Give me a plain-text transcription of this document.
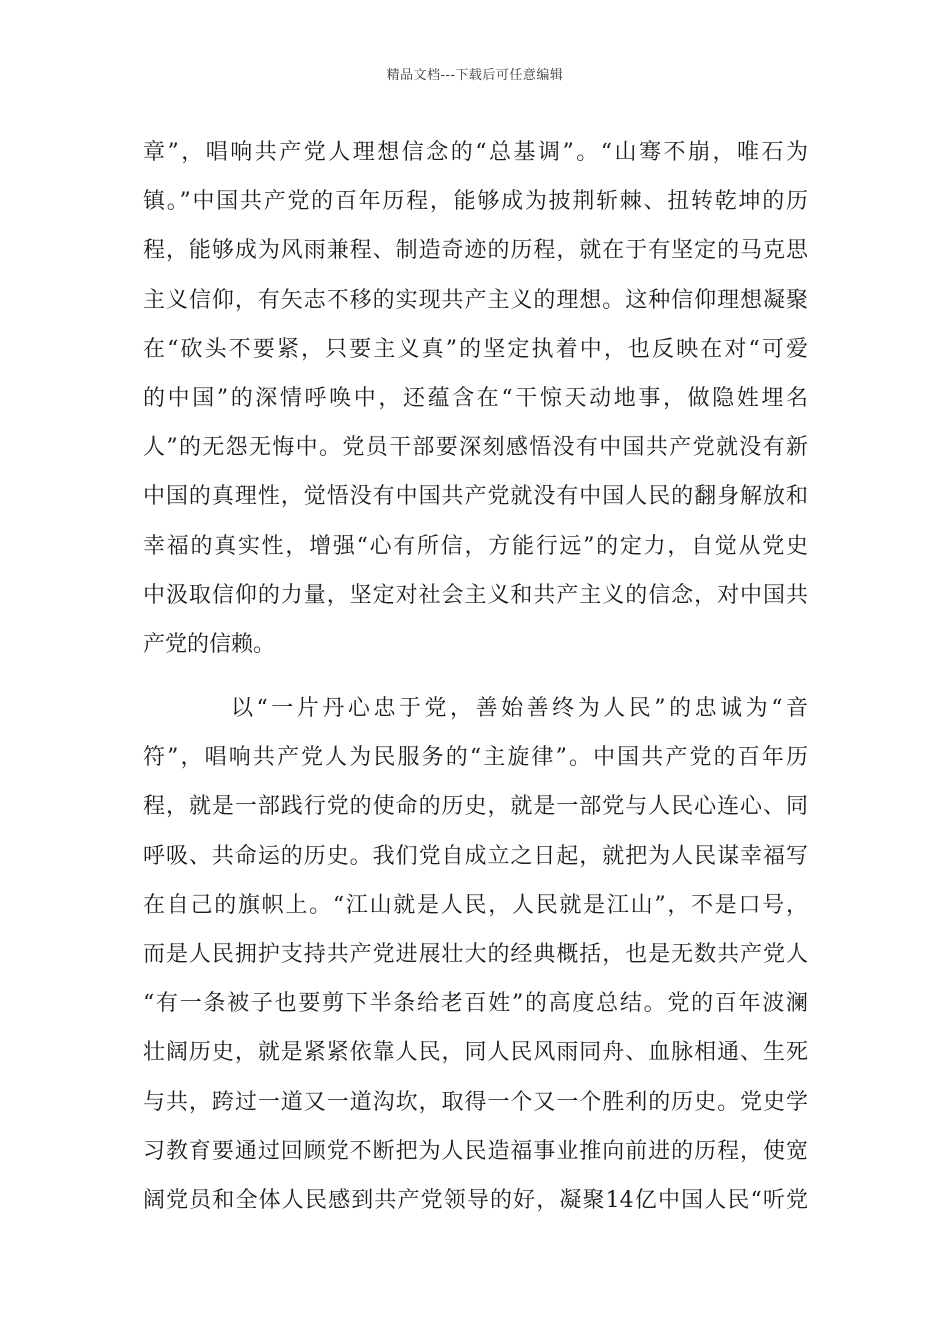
精品文档---下载后可任意编辑
章”，唱响共产党人理想信念的“总基调”。“山骞不崩，唯石为
镇。”中国共产党的百年历程，能够成为披荆斩棘、扭转乾坤的历
程，能够成为风雨兼程、制造奇迹的历程，就在于有坚定的马克思
主义信仰，有矢志不移的实现共产主义的理想。这种信仰理想凝聚
在“砍头不要紧，只要主义真”的坚定执着中，也反映在对“可爱
的中国”的深情呼唤中，还蕴含在“干惊天动地事，做隐姓埋名
人”的无怨无悔中。党员干部要深刻感悟没有中国共产党就没有新
中国的真理性，觉悟没有中国共产党就没有中国人民的翻身解放和
幸福的真实性，增强“心有所信，方能行远”的定力，自觉从党史
中汲取信仰的力量，坚定对社会主义和共产主义的信念，对中国共
产党的信赖。
以“一片丹心忠于党，善始善终为人民”的忠诚为“音
符”，唱响共产党人为民服务的“主旋律”。中国共产党的百年历
程，就是一部践行党的使命的历史，就是一部党与人民心连心、同
呼吸、共命运的历史。我们党自成立之日起，就把为人民谋幸福写
在自己的旗帜上。“江山就是人民，人民就是江山”，不是口号，
而是人民拥护支持共产党进展壮大的经典概括，也是无数共产党人
“有一条被子也要剪下半条给老百姓”的高度总结。党的百年波澜
壮阔历史，就是紧紧依靠人民，同人民风雨同舟、血脉相通、生死
与共，跨过一道又一道沟坎，取得一个又一个胜利的历史。党史学
习教育要通过回顾党不断把为人民造福事业推向前进的历程，使宽
阔党员和全体人民感到共产党领导的好，凝聚14亿中国人民“听党
